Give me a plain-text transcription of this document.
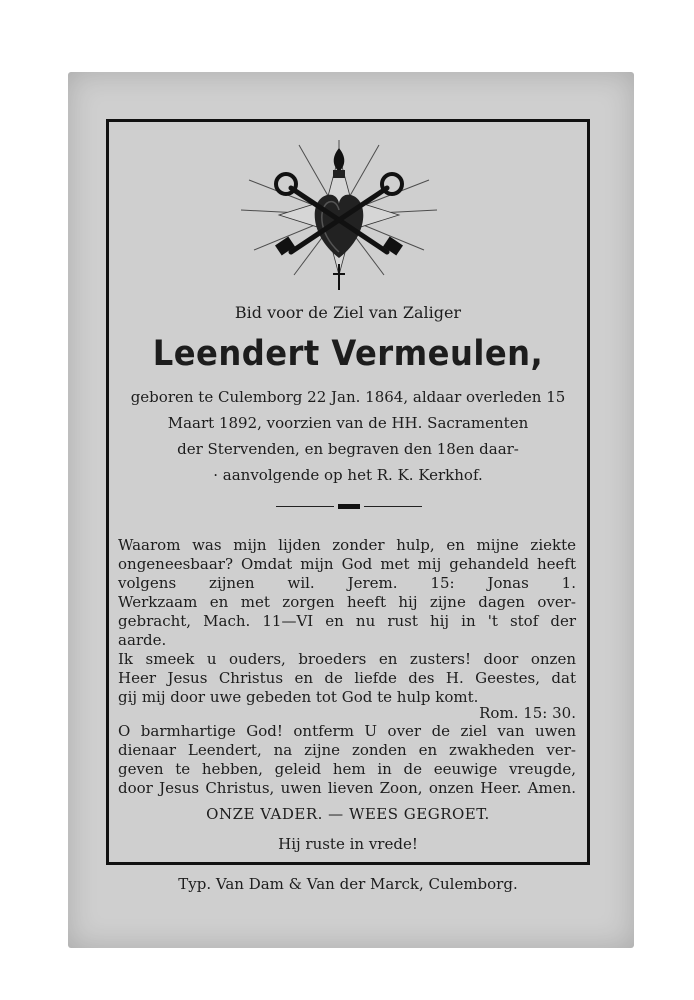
Bid voor de Ziel van Zaliger
Leendert Vermeulen,
geboren te Culemborg 22 Jan. 1864, aldaar overleden 15
Maart 1892, voorzien van de HH. Sacramenten
der Stervenden, en begraven den 18en daar-
· aanvolgende op het R. K. Kerkhof.
Waarom was mijn lijden zonder hulp, en mijne ziekte
ongeneesbaar? Omdat mijn God met mij gehandeld heeft
volgens zijnen wil. Jerem. 15: Jonas 1.
Werkzaam en met zorgen heeft hij zijne dagen over-
gebracht, Mach. 11—VI en nu rust hij in 't stof der
aarde.
Ik smeek u ouders, broeders en zusters! door onzen
Heer Jesus Christus en de liefde des H. Geestes, dat
gij mij door uwe gebeden tot God te hulp komt.
Rom. 15: 30.
O barmhartige God! ontferm U over de ziel van uwen
dienaar Leendert, na zijne zonden en zwakheden ver-
geven te hebben, geleid hem in de eeuwige vreugde,
door Jesus Christus, uwen lieven Zoon, onzen Heer. Amen.
ONZE VADER. — WEES GEGROET.
Hij ruste in vrede!
Typ. Van Dam & Van der Marck, Culemborg.
